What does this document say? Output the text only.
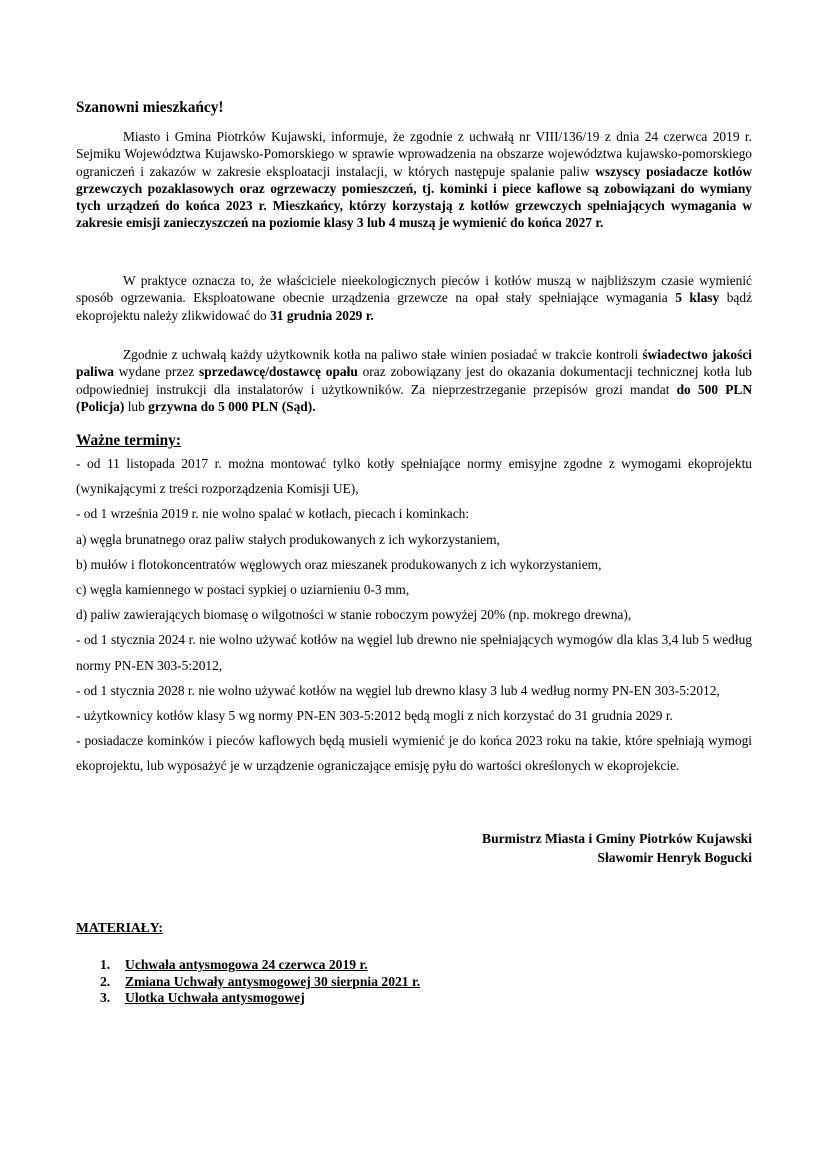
Szanowni mieszkańcy!

Miasto i Gmina Piotrków Kujawski, informuje, że zgodnie z uchwałą nr VIII/136/19 z dnia 24 czerwca 2019 r. Sejmiku Województwa Kujawsko-Pomorskiego w sprawie wprowadzenia na obszarze województwa kujawsko-pomorskiego ograniczeń i zakazów w zakresie eksploatacji instalacji, w których następuje spalanie paliw wszyscy posiadacze kotłów grzewczych pozaklasowych oraz ogrzewaczy pomieszczeń, tj. kominki i piece kaflowe są zobowiązani do wymiany tych urządzeń do końca 2023 r. Mieszkańcy, którzy korzystają z kotłów grzewczych spełniających wymagania w zakresie emisji zanieczyszczeń na poziomie klasy 3 lub 4 muszą je wymienić do końca 2027 r.

W praktyce oznacza to, że właściciele nieekologicznych pieców i kotłów muszą w najbliższym czasie wymienić sposób ogrzewania. Eksploatowane obecnie urządzenia grzewcze na opał stały spełniające wymagania 5 klasy bądź ekoprojektu należy zlikwidować do 31 grudnia 2029 r.

Zgodnie z uchwałą każdy użytkownik kotła na paliwo stałe winien posiadać w trakcie kontroli świadectwo jakości paliwa wydane przez sprzedawcę/dostawcę opału oraz zobowiązany jest do okazania dokumentacji technicznej kotła lub odpowiedniej instrukcji dla instalatorów i użytkowników. Za nieprzestrzeganie przepisów grozi mandat do 500 PLN (Policja) lub grzywna do 5 000 PLN (Sąd).

Ważne terminy:
- od 11 listopada 2017 r. można montować tylko kotły spełniające normy emisyjne zgodne z wymogami ekoprojektu (wynikającymi z treści rozporządzenia Komisji UE),
- od 1 września 2019 r. nie wolno spalać w kotłach, piecach i kominkach:
a) węgla brunatnego oraz paliw stałych produkowanych z ich wykorzystaniem,
b) mułów i flotokoncentratów węglowych oraz mieszanek produkowanych z ich wykorzystaniem,
c) węgla kamiennego w postaci sypkiej o uziarnieniu 0-3 mm,
d) paliw zawierających biomasę o wilgotności w stanie roboczym powyżej 20% (np. mokrego drewna),
- od 1 stycznia 2024 r. nie wolno używać kotłów na węgiel lub drewno nie spełniających wymogów dla klas 3,4 lub 5 według normy PN-EN 303-5:2012,
- od 1 stycznia 2028 r. nie wolno używać kotłów na węgiel lub drewno klasy 3 lub 4 według normy PN-EN 303-5:2012,
- użytkownicy kotłów klasy 5 wg normy PN-EN 303-5:2012 będą mogli z nich korzystać do 31 grudnia 2029 r.
- posiadacze kominków i pieców kaflowych będą musieli wymienić je do końca 2023 roku na takie, które spełniają wymogi ekoprojektu, lub wyposażyć je w urządzenie ograniczające emisję pyłu do wartości określonych w ekoprojekcie.
Burmistrz Miasta i Gminy Piotrków Kujawski
Sławomir Henryk Bogucki
MATERIAŁY:
1. Uchwała antysmogowa 24 czerwca 2019 r.
2. Zmiana Uchwały antysmogowej 30 sierpnia 2021 r.
3. Ulotka Uchwała antysmogowej
